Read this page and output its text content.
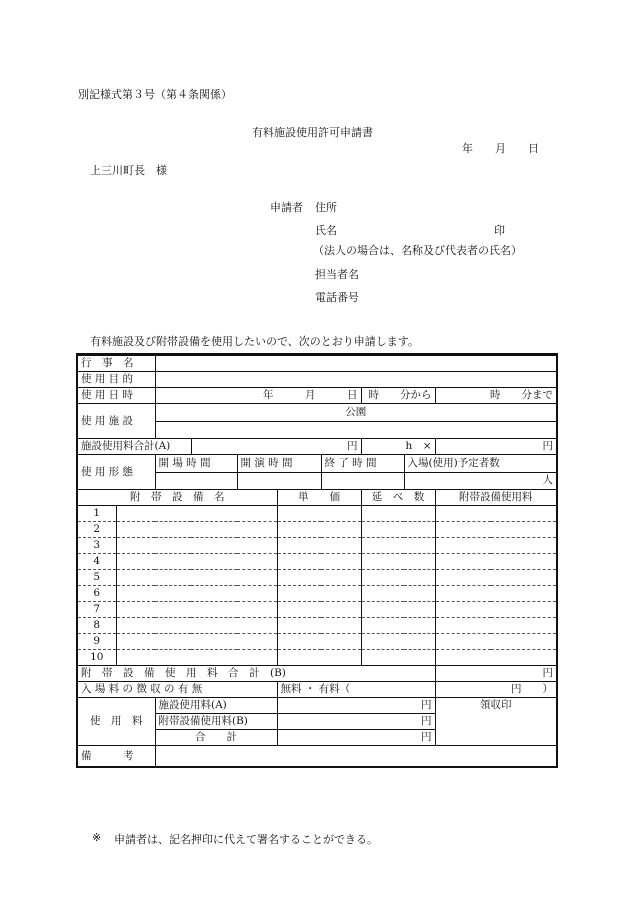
別記様式第３号（第４条関係）
有料施設使用許可申請書
年　　月　　日
上三川町長　様
申請者 住所
氏名	印
（法人の場合は、名称及び代表者の氏名）
担当者名
電話番号
有料施設及び附帯設備を使用したいので、次のとおり申請します。

行　事　名										
使 用 目 的										
使 用 日 時		年　　　月　　　日					時　　分から		時　　分まで	
使 用 施 設		公園								

施設使用料合計(A)			円				h　×		円	
使 用 形 態		開 場 時 間		開 演 時 間		終 了 時 間		入場(使用)予定者数		
								人		
附　帯　設　備　名					単　　価		延　べ　数		附帯設備使用料	
1										
2										
3										
4										
5										
6										
7										
8										
9										
10										
附　帯　設　備　使　用　料　合　計　(B)									円	
入 場 料 の 徴 収 の 有 無					無料 ・ 有料（				円　　）	
使　用　料		施設使用料(A)			円				領収印	
		附帯設備使用料(B)			円					
		合　　計			円					
備　　　考										
※ 申請者は、記名押印に代えて署名することができる。
